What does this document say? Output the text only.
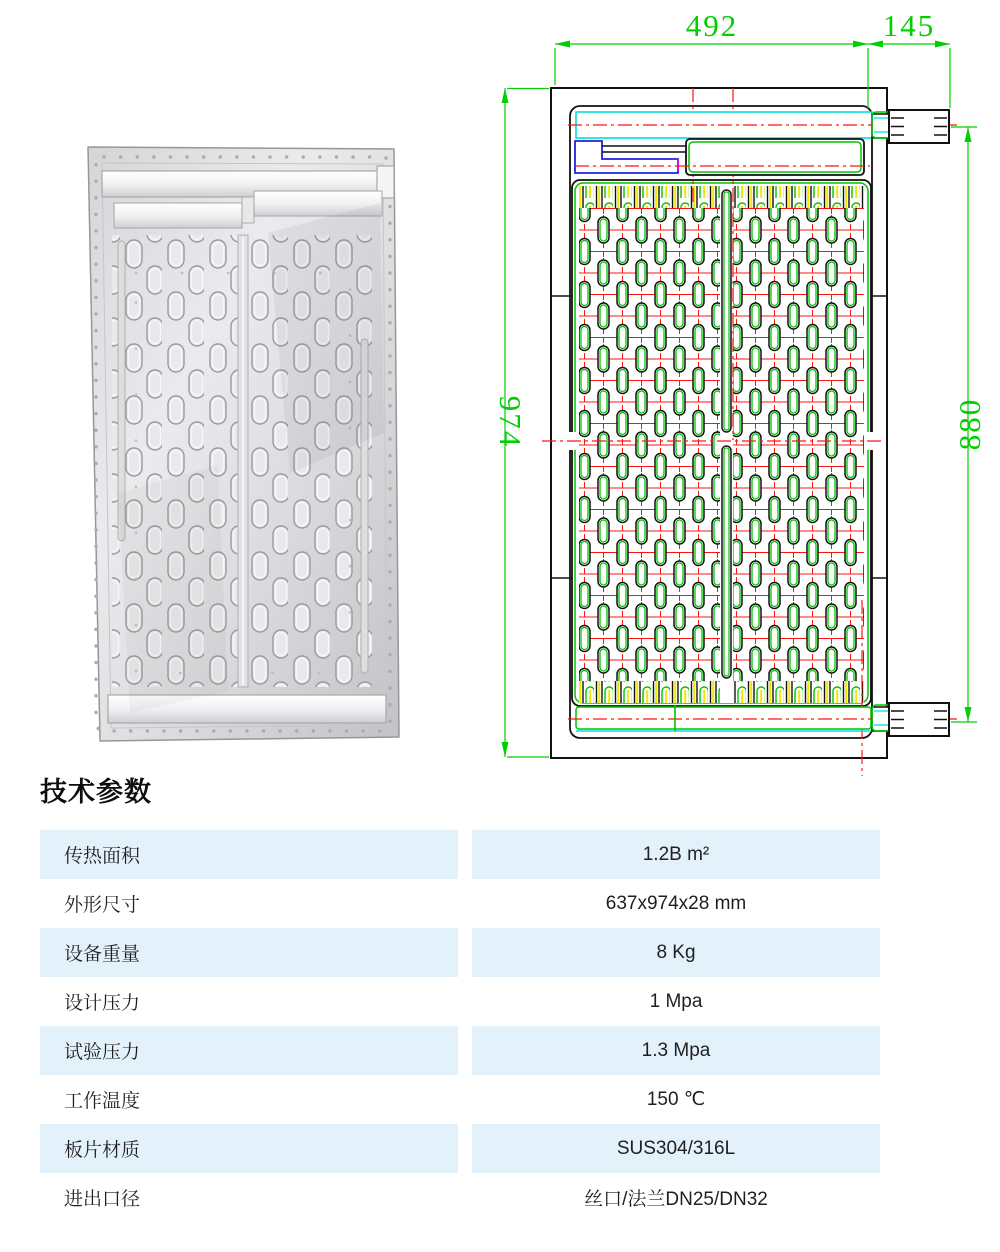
492	145
974	880
技术参数
传热面积	1.2B m²
外形尺寸	637x974x28 mm
设备重量	8 Kg
设计压力	1 Mpa
试验压力	1.3 Mpa
工作温度	150 ℃
板片材质	SUS304/316L
进出口径	丝口/法兰DN25/DN32
